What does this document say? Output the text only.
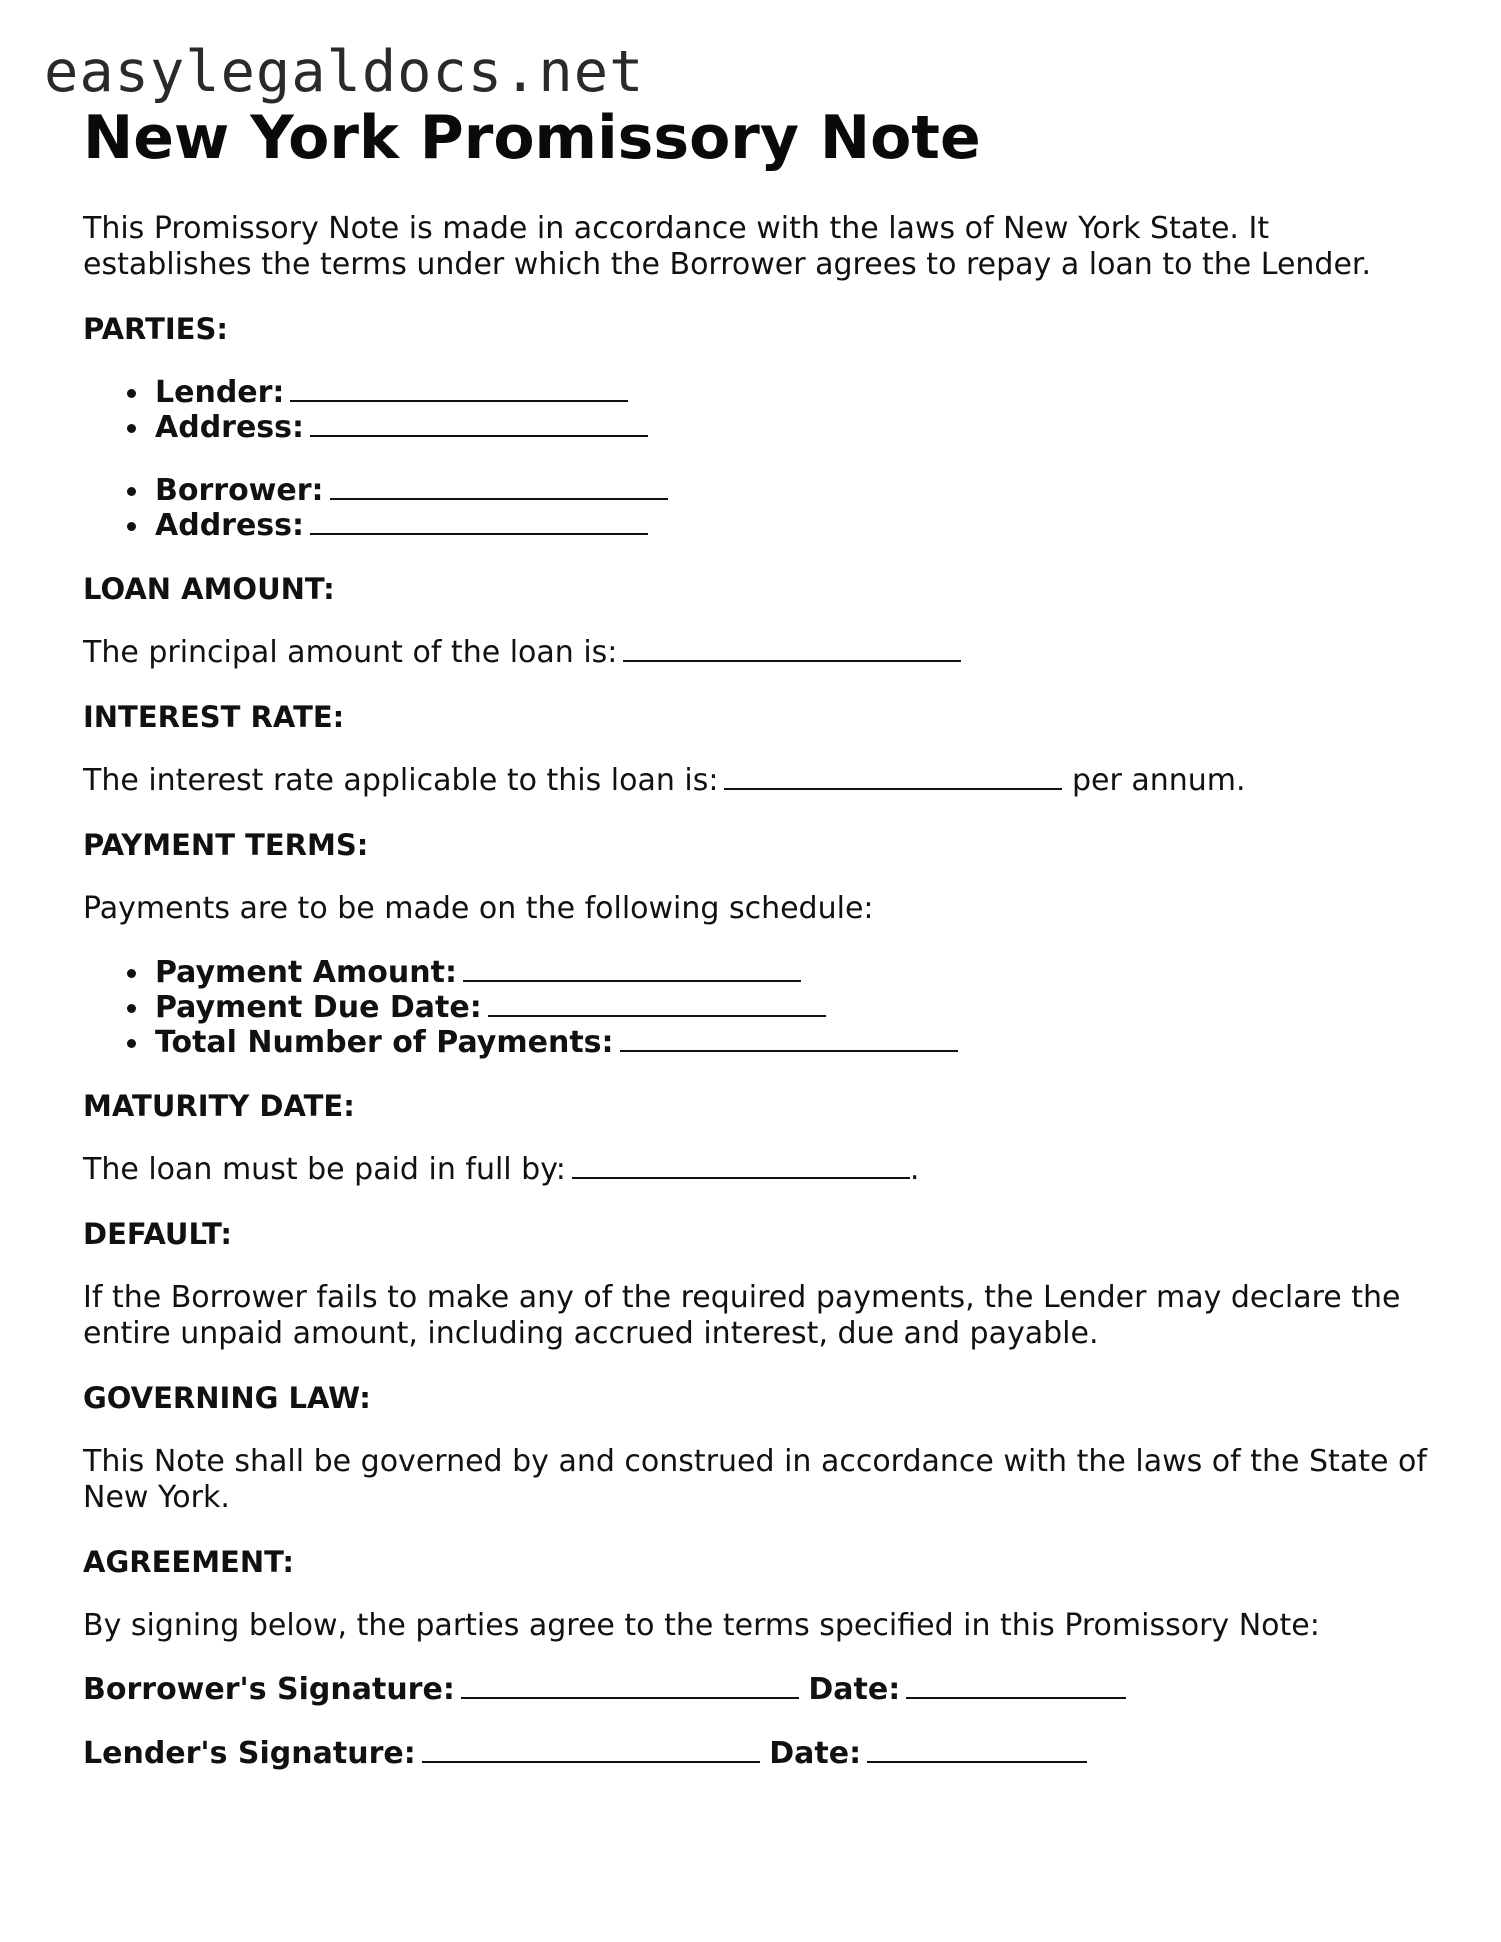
easylegaldocs.net
New York Promissory Note

This Promissory Note is made in accordance with the laws of New York State. It establishes the terms under which the Borrower agrees to repay a loan to the Lender.

PARTIES:
Lender:
Address:
Borrower:
Address:
LOAN AMOUNT:

The principal amount of the loan is:

INTEREST RATE:

The interest rate applicable to this loan is:	per annum.

PAYMENT TERMS:

Payments are to be made on the following schedule:

Payment Amount:
Payment Due Date:
Total Number of Payments:
MATURITY DATE:

The loan must be paid in full by:	.

DEFAULT:

If the Borrower fails to make any of the required payments, the Lender may declare the entire unpaid amount, including accrued interest, due and payable.

GOVERNING LAW:

This Note shall be governed by and construed in accordance with the laws of the State of New York.

AGREEMENT:

By signing below, the parties agree to the terms specified in this Promissory Note:

Borrower's Signature:	Date:
Lender's Signature:	Date:
